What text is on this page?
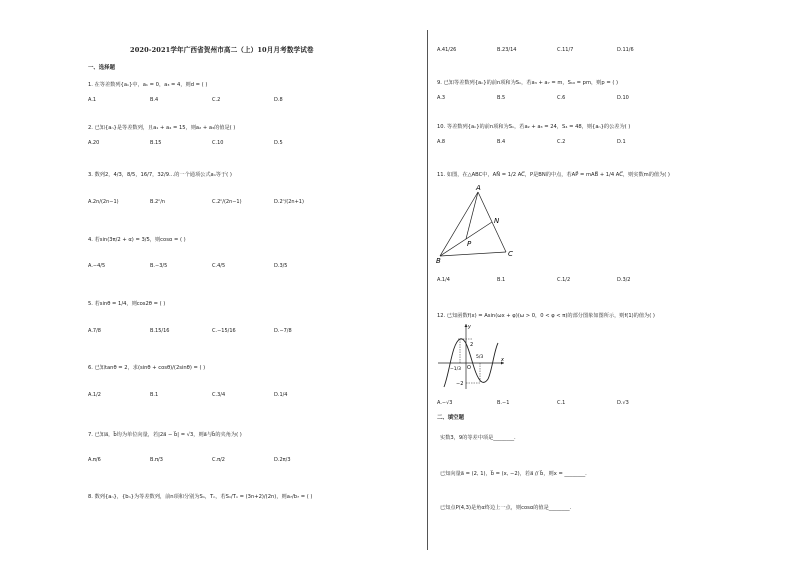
2020-2021学年广西省贺州市高二（上）10月月考数学试卷
一、选择题
1. 在等差数列{aₙ}中，a₁ = 0，a₃ = 4，则d = ( )
A.1	B.4	C.2	D.8
2. 已知{aₙ}是等差数列，且a₁ + a₄ = 15，则a₂ + a₃的值是( )
A.20	B.15	C.10	D.5
3. 数列2，4/3，8/5，16/7，32/9…的一个通项公式aₙ等于( )
A.2n/(2n−1)	B.2ⁿ/n	C.2ⁿ/(2n−1)	D.2ⁿ/(2n+1)
4. 若sin(3π/2 + α) = 3/5，则cosα = ( )
A.−4/5	B.−3/5	C.4/5	D.3/5
5. 若sinθ = 1/4，则cos2θ = ( )
A.7/8	B.15/16	C.−15/16	D.−7/8
6. 已知tanθ = 2，求(sinθ + cosθ)/(2sinθ) = ( )
A.1/2	B.1	C.3/4	D.1/4
7. 已知a⃗，b⃗均为单位向量，若|2a⃗ − b⃗| = √3，则a⃗与b⃗的夹角为( )
A.π/6	B.π/3	C.π/2	D.2π/3
8. 数列{aₙ}，{bₙ}为等差数列，前n项和分别为Sₙ，Tₙ，若Sₙ/Tₙ = (3n+2)/(2n)，则a₇/b₇ = ( )
A.41/26	B.23/14	C.11/7	D.11/6
9. 已知等差数列{aₙ}的前n项和为Sₙ，若a₃ + a₇ = m，S₁₀ = pm，则p = ( )
A.3	B.5	C.6	D.10
10. 等差数列{aₙ}的前n项和为Sₙ，若a₂ + a₃ = 24，S₄ = 48，则{aₙ}的公差为( )
A.8	B.4	C.2	D.1
11. 如图，在△ABC中，AN⃗ = 1/2 AC⃗，P是BN的中点，若AP⃗ = mAB⃗ + 1/4 AC⃗，则实数m的值为( )
A
N
P
B
C
A.1/4	B.1	C.1/2	D.3/2
12. 已知函数f(x) = Asin(ωx + φ)(ω > 0，0 < φ < π)的部分图象如图所示，则f(1)的值为( )
y
2
O
−1/3
5/3	x
−2
A.−√3	B.−1	C.1	D.√3
二、填空题
实数3，9的等差中项是________.
已知向量a⃗ = (2, 1)，b⃗ = (x, −2)，若a⃗ // b⃗，则x = ________.
已知点P(4,3)是角α终边上一点，则cosα的值是________.
